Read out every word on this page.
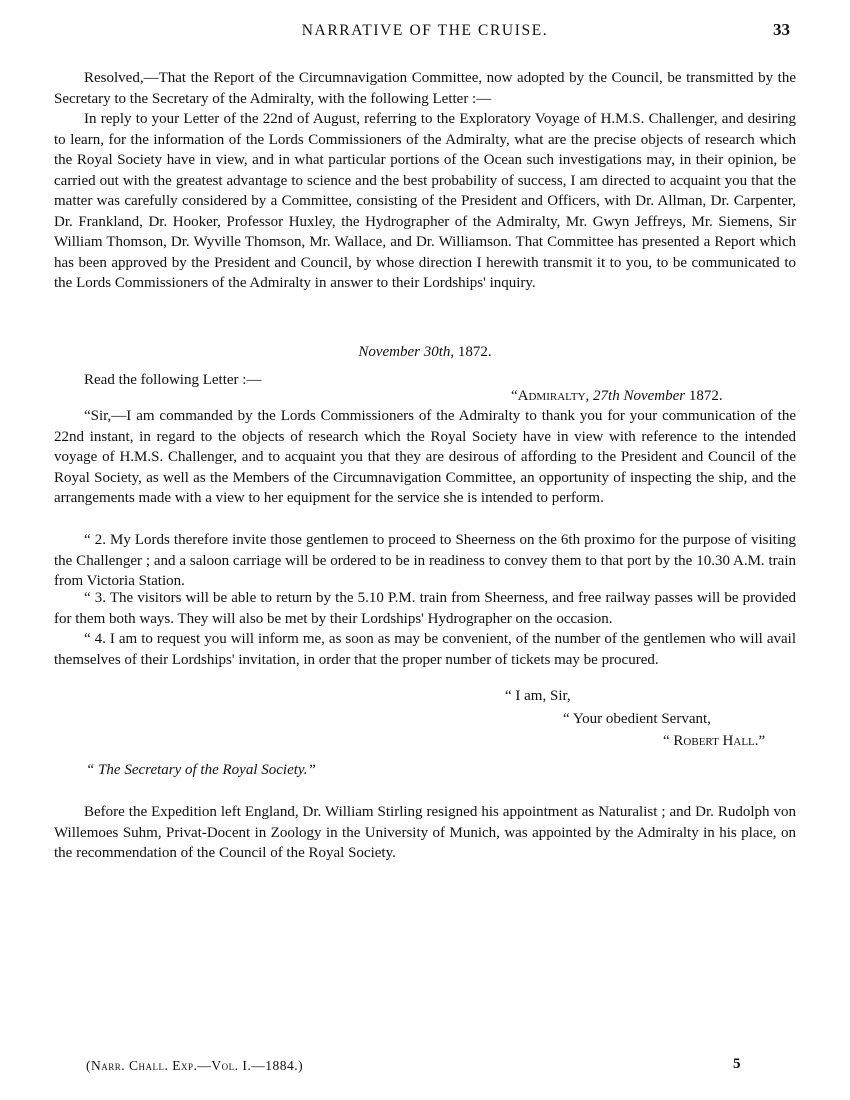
NARRATIVE OF THE CRUISE.	33

Resolved,—That the Report of the Circumnavigation Committee, now adopted by the Council, be transmitted by the Secretary to the Secretary of the Admiralty, with the following Letter :—

In reply to your Letter of the 22nd of August, referring to the Exploratory Voyage of H.M.S. Challenger, and desiring to learn, for the information of the Lords Commissioners of the Admiralty, what are the precise objects of research which the Royal Society have in view, and in what particular portions of the Ocean such investigations may, in their opinion, be carried out with the greatest advantage to science and the best probability of success, I am directed to acquaint you that the matter was carefully considered by a Committee, consisting of the President and Officers, with Dr. Allman, Dr. Carpenter, Dr. Frankland, Dr. Hooker, Professor Huxley, the Hydrographer of the Admiralty, Mr. Gwyn Jeffreys, Mr. Siemens, Sir William Thomson, Dr. Wyville Thomson, Mr. Wallace, and Dr. Williamson. That Committee has presented a Report which has been approved by the President and Council, by whose direction I herewith transmit it to you, to be communicated to the Lords Commissioners of the Admiralty in answer to their Lordships' inquiry.

November 30th, 1872.
Read the following Letter :—
“Admiralty, 27th November 1872.

“Sir,—I am commanded by the Lords Commissioners of the Admiralty to thank you for your communication of the 22nd instant, in regard to the objects of research which the Royal Society have in view with reference to the intended voyage of H.M.S. Challenger, and to acquaint you that they are desirous of affording to the President and Council of the Royal Society, as well as the Members of the Circumnavigation Committee, an opportunity of inspecting the ship, and the arrangements made with a view to her equipment for the service she is intended to perform.

“ 2. My Lords therefore invite those gentlemen to proceed to Sheerness on the 6th proximo for the purpose of visiting the Challenger ; and a saloon carriage will be ordered to be in readiness to convey them to that port by the 10.30 A.M. train from Victoria Station.

“ 3. The visitors will be able to return by the 5.10 P.M. train from Sheerness, and free railway passes will be provided for them both ways. They will also be met by their Lordships' Hydrographer on the occasion.

“ 4. I am to request you will inform me, as soon as may be convenient, of the number of the gentlemen who will avail themselves of their Lordships' invitation, in order that the proper number of tickets may be procured.

“ I am, Sir,
“ Your obedient Servant,
“ Robert Hall.”
“ The Secretary of the Royal Society.”

Before the Expedition left England, Dr. William Stirling resigned his appointment as Naturalist ; and Dr. Rudolph von Willemoes Suhm, Privat-Docent in Zoology in the University of Munich, was appointed by the Admiralty in his place, on the recommendation of the Council of the Royal Society.

(Narr. Chall. Exp.—Vol. I.—1884.)	5
